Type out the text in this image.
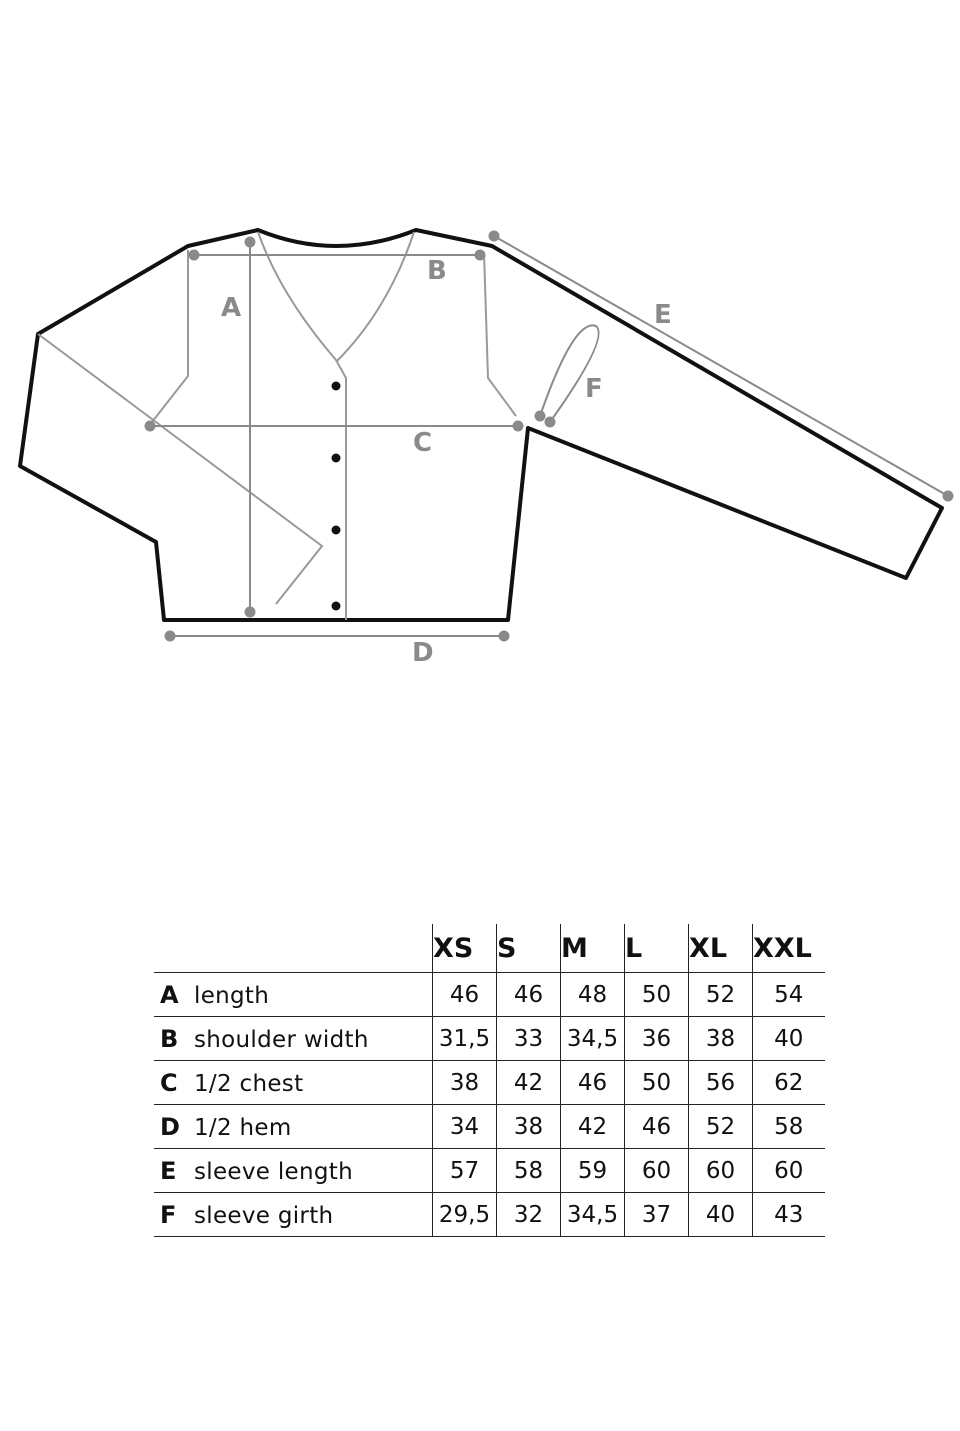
A
B
C
D
E
F
	XS	S	M	L	XL	XXL
A length	46	46	48	50	52	54
B shoulder width	31,5	33	34,5	36	38	40
C 1/2 chest	38	42	46	50	56	62
D 1/2 hem	34	38	42	46	52	58
E sleeve length	57	58	59	60	60	60
F sleeve girth	29,5	32	34,5	37	40	43
